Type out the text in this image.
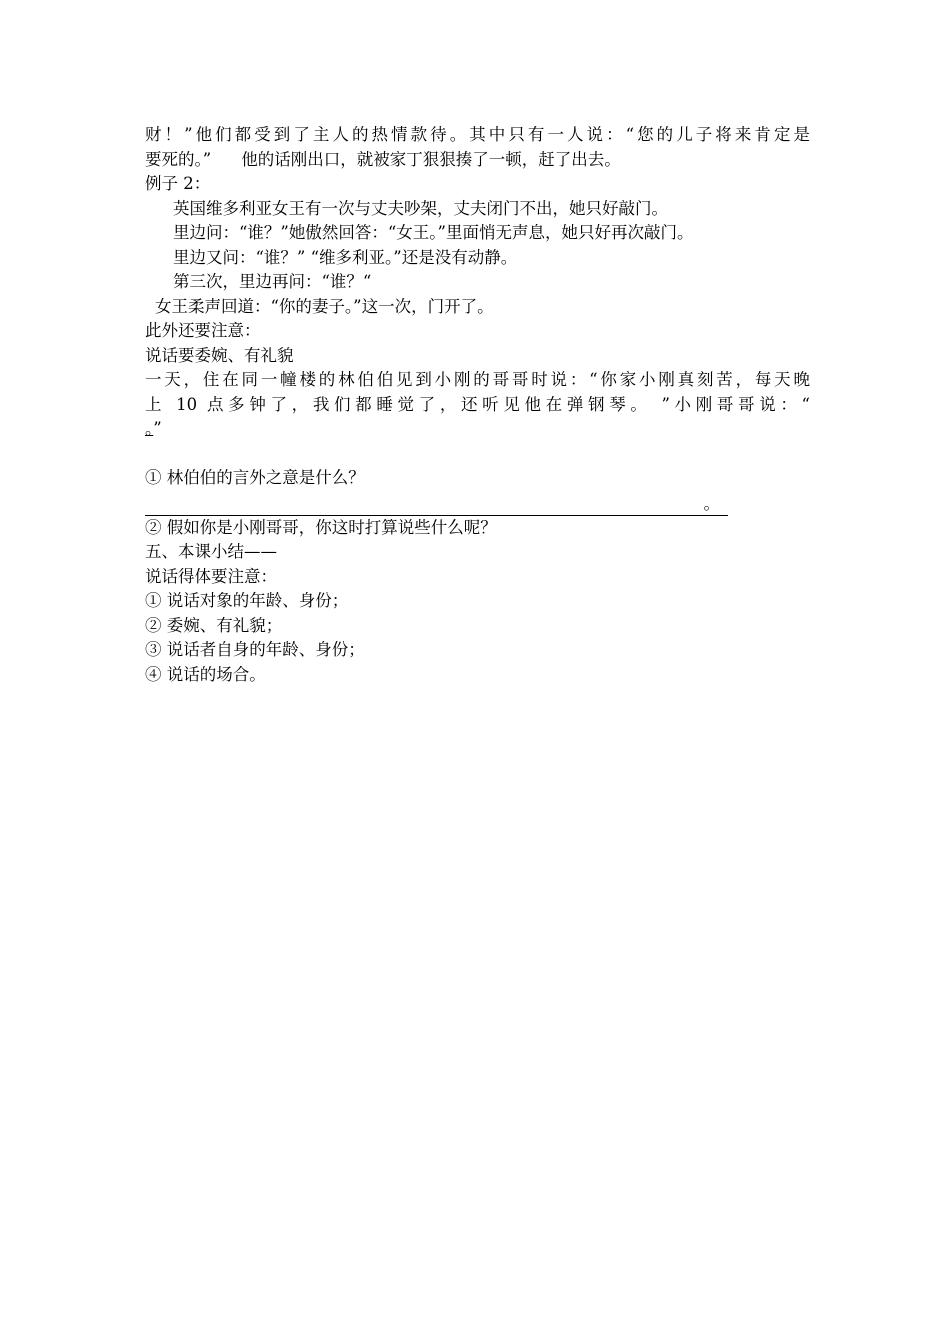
财！”他们都受到了主人的热情款待。其中只有一人说：“您的儿子将来肯定是

要死的。” 他的话刚出口，就被家丁狠狠揍了一顿，赶了出去。

例子 2：

英国维多利亚女王有一次与丈夫吵架，丈夫闭门不出，她只好敲门。

里边问：“谁？”她傲然回答：“女王。”里面悄无声息，她只好再次敲门。

里边又问：“谁？” “维多利亚。”还是没有动静。

第三次，里边再问：“谁？“

女王柔声回道：“你的妻子。”这一次，门开了。

此外还要注意：

说话要委婉、有礼貌

一天，住在同一幢楼的林伯伯见到小刚的哥哥时说：“你家小刚真刻苦，每天晚

上 10 点多钟了，我们都睡觉了，还听见他在弹钢琴。 ”小刚哥哥说：“

。”

① 林伯伯的言外之意是什么？

。

② 假如你是小刚哥哥，你这时打算说些什么呢？

五、本课小结——

说话得体要注意：

① 说话对象的年龄、身份；

② 委婉、有礼貌；

③ 说话者自身的年龄、身份；

④ 说话的场合。
